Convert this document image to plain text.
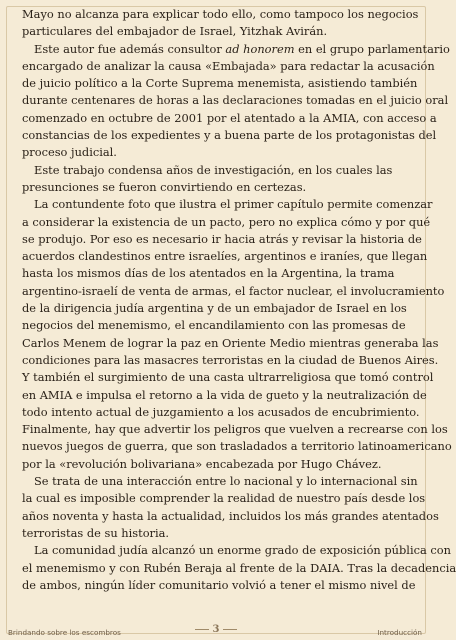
Mayo no alcanza para explicar todo ello, como tampoco los negocios
particulares del embajador de Israel, Yitzhak Avirán.
Este autor fue además consultor ad honorem en el grupo parlamentario
encargado de analizar la causa «Embajada» para redactar la acusación
de juicio político a la Corte Suprema menemista, asistiendo también
durante centenares de horas a las declaraciones tomadas en el juicio oral
comenzado en octubre de 2001 por el atentado a la AMIA, con acceso a
constancias de los expedientes y a buena parte de los protagonistas del
proceso judicial.
Este trabajo condensa años de investigación, en los cuales las
presunciones se fueron convirtiendo en certezas.
La contundente foto que ilustra el primer capítulo permite comenzar
a considerar la existencia de un pacto, pero no explica cómo y por qué
se produjo. Por eso es necesario ir hacia atrás y revisar la historia de
acuerdos clandestinos entre israelíes, argentinos e iraníes, que llegan
hasta los mismos días de los atentados en la Argentina, la trama
argentino-israelí de venta de armas, el factor nuclear, el involucramiento
de la dirigencia judía argentina y de un embajador de Israel en los
negocios del menemismo, el encandilamiento con las promesas de
Carlos Menem de lograr la paz en Oriente Medio mientras generaba las
condiciones para las masacres terroristas en la ciudad de Buenos Aires.
Y también el surgimiento de una casta ultrarreligiosa que tomó control
en AMIA e impulsa el retorno a la vida de gueto y la neutralización de
todo intento actual de juzgamiento a los acusados de encubrimiento.
Finalmente, hay que advertir los peligros que vuelven a recrearse con los
nuevos juegos de guerra, que son trasladados a territorio latinoamericano
por la «revolución bolivariana» encabezada por Hugo Chávez.
Se trata de una interacción entre lo nacional y lo internacional sin
la cual es imposible comprender la realidad de nuestro país desde los
años noventa y hasta la actualidad, incluidos los más grandes atentados
terroristas de su historia.
La comunidad judía alcanzó un enorme grado de exposición pública con
el menemismo y con Rubén Beraja al frente de la DAIA. Tras la decadencia
de ambos, ningún líder comunitario volvió a tener el mismo nivel de
Brindando sobre los escombros	3	Introducción
